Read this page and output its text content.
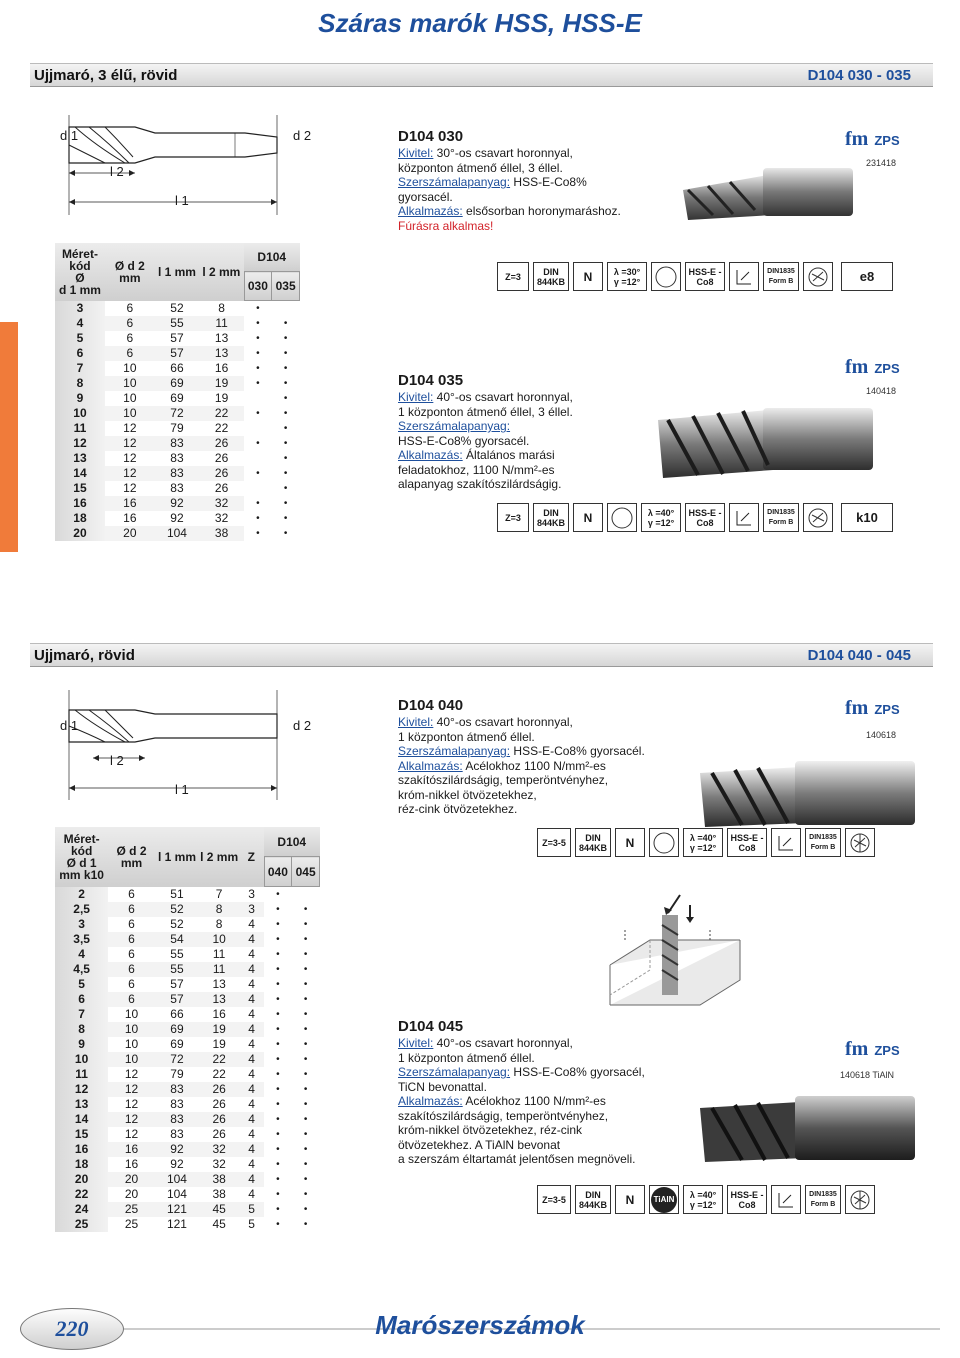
Száras marók HSS, HSS-E
Ujjmaró, 3 élű, rövid	D104 030 - 035
d 1	d 2
l 2
l 1
Méret-kód
Ø
d 1 mm	Ø d 2 mm	l 1 mm	l 2 mm	D104	
				030	035
3	6	52	8	•	
4	6	55	11	•	•
5	6	57	13	•	•
6	6	57	13	•	•
7	10	66	16	•	•
8	10	69	19	•	•
9	10	69	19		•
10	10	72	22	•	•
11	12	79	22		•
12	12	83	26	•	•
13	12	83	26		•
14	12	83	26	•	•
15	12	83	26		•
16	16	92	32	•	•
18	16	92	32	•	•
20	20	104	38	•	•
D104 030
Kivitel: 30°-os csavart horonnyal,
központon átmenő éllel, 3 éllel.
Szerszámalapanyag: HSS-E-Co8%
gyorsacél.
Alkalmazás: elsősorban horonymaráshoz.
Fúrásra alkalmas!
fm ZPS
231418
Z=3	DIN 844KB	N	λ =30°
γ =12°
HSS-E -Co8
DIN1835 Form B	e8
D104 035
Kivitel: 40°-os csavart horonnyal,
1 központon átmenő éllel, 3 éllel.
Szerszámalapanyag:
HSS-E-Co8% gyorsacél.
Alkalmazás: Általános marási
feladatokhoz, 1100 N/mm²-es
alapanyag szakítószilárdságig.
fm ZPS
140418
Z=3	DIN 844KB	N	λ =40°
γ =12°
HSS-E -Co8
DIN1835 Form B	k10
Ujjmaró, rövid	D104 040 - 045
d 1	d 2
l 2
l 1
Méret-kód
Ø d 1 mm k10	Ø d 2 mm	l 1 mm	l 2 mm	Z	D104	
					040	045
2	6	51	7	3	•	
2,5	6	52	8	3	•	•
3	6	52	8	4	•	•
3,5	6	54	10	4	•	•
4	6	55	11	4	•	•
4,5	6	55	11	4	•	•
5	6	57	13	4	•	•
6	6	57	13	4	•	•
7	10	66	16	4	•	•
8	10	69	19	4	•	•
9	10	69	19	4	•	•
10	10	72	22	4	•	•
11	12	79	22	4	•	•
12	12	83	26	4	•	•
13	12	83	26	4	•	•
14	12	83	26	4	•	•
15	12	83	26	4	•	•
16	16	92	32	4	•	•
18	16	92	32	4	•	•
20	20	104	38	4	•	•
22	20	104	38	4	•	•
24	25	121	45	5	•	•
25	25	121	45	5	•	•
D104 040
Kivitel: 40°-os csavart horonnyal,
1 központon átmenő éllel.
Szerszámalapanyag: HSS-E-Co8% gyorsacél.
Alkalmazás: Acélokhoz 1100 N/mm²-es
szakítószilárdságig, temperöntvényhez,
króm-nikkel ötvözetekhez,
réz-cink ötvözetekhez.
fm ZPS
140618
Z=3-5	DIN 844KB	N	λ =40°
γ =12°
HSS-E -Co8
DIN1835 Form B
D104 045
Kivitel: 40°-os csavart horonnyal,
1 központon átmenő éllel.
Szerszámalapanyag: HSS-E-Co8% gyorsacél,
TiCN bevonattal.
Alkalmazás: Acélokhoz 1100 N/mm²-es
szakítószilárdságig, temperöntvényhez,
króm-nikkel ötvözetekhez, réz-cink
ötvözetekhez. A TiAlN bevonat
a szerszám éltartamát jelentősen megnöveli.
fm ZPS
140618 TiAlN
Z=3-5	DIN 844KB	N	TiAlN λ =40°
γ =12°
HSS-E -Co8
DIN1835 Form B
220	Marószerszámok
